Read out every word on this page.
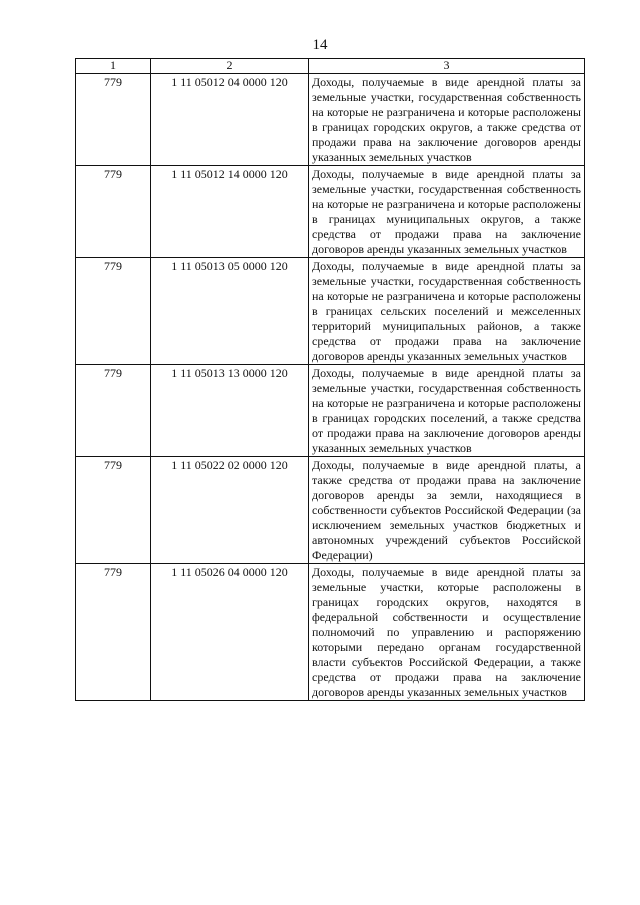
14
1	2	3
779	1 11 05012 04 0000 120	Доходы, получаемые в виде арендной платы за земельные участки, государственная собственность на которые не разграничена и которые расположены в границах городских округов, а также средства от продажи права на заключение договоров аренды указанных земельных участков
779	1 11 05012 14 0000 120	Доходы, получаемые в виде арендной платы за земельные участки, государственная собственность на которые не разграничена и которые расположены в границах муниципальных округов, а также средства от продажи права на заключение договоров аренды указанных земельных участков
779	1 11 05013 05 0000 120	Доходы, получаемые в виде арендной платы за земельные участки, государственная собственность на которые не разграничена и которые расположены в границах сельских поселений и межселенных территорий муниципальных районов, а также средства от продажи права на заключение договоров аренды указанных земельных участков
779	1 11 05013 13 0000 120	Доходы, получаемые в виде арендной платы за земельные участки, государственная собственность на которые не разграничена и которые расположены в границах городских поселений, а также средства от продажи права на заключение договоров аренды указанных земельных участков
779	1 11 05022 02 0000 120	Доходы, получаемые в виде арендной платы, а также средства от продажи права на заключение договоров аренды за земли, находящиеся в собственности субъектов Российской Федерации (за исключением земельных участков бюджетных и автономных учреждений субъектов Российской Федерации)
779	1 11 05026 04 0000 120	Доходы, получаемые в виде арендной платы за земельные участки, которые расположены в границах городских округов, находятся в федеральной собственности и осуществление полномочий по управлению и распоряжению которыми передано органам государственной власти субъектов Российской Федерации, а также средства от продажи права на заключение договоров аренды указанных земельных участков
